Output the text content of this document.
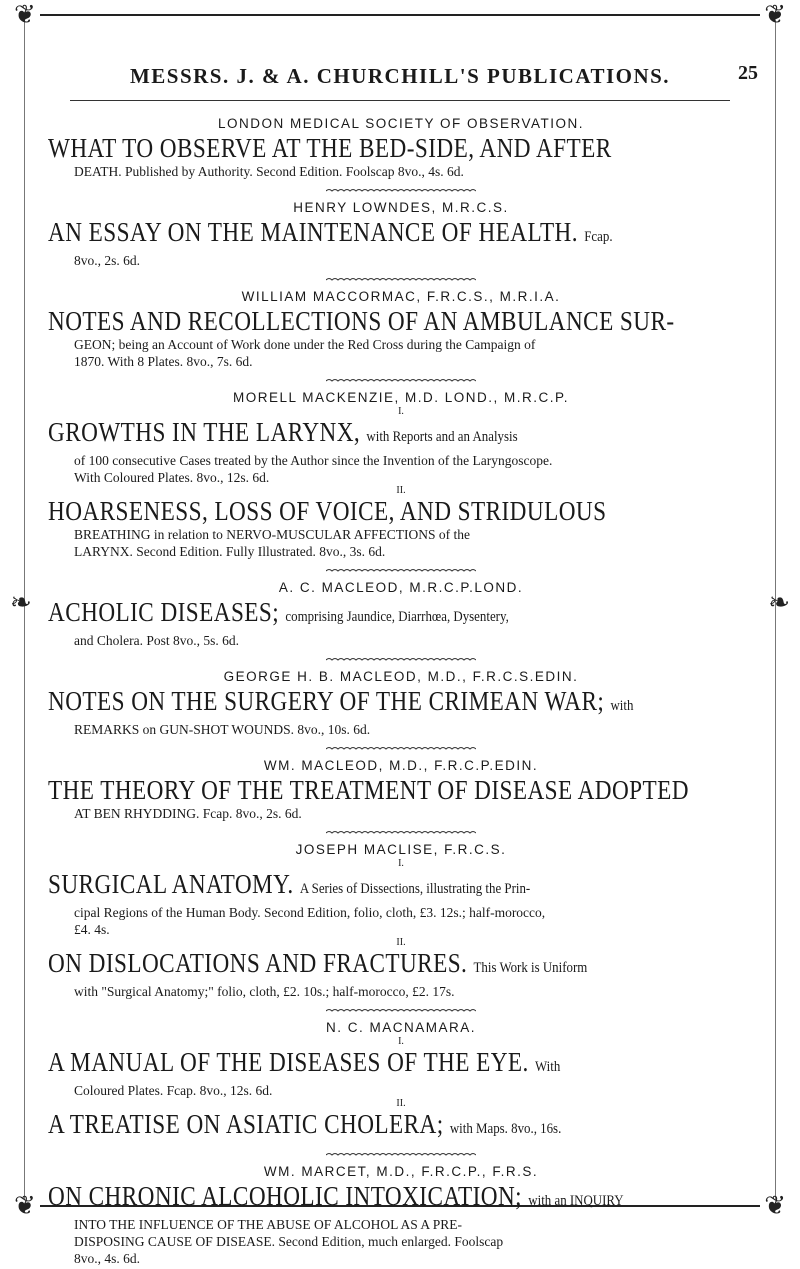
❦	❦
❦	❦
❧	❧
MESSRS. J. & A. CHURCHILL'S PUBLICATIONS.	25
LONDON MEDICAL SOCIETY OF OBSERVATION.
WHAT TO OBSERVE AT THE BED-SIDE, AND AFTER
DEATH. Published by Authority. Second Edition. Foolscap 8vo., 4s. 6d.
HENRY LOWNDES, M.R.C.S.
AN ESSAY ON THE MAINTENANCE OF HEALTH. Fcap.
8vo., 2s. 6d.
WILLIAM MACCORMAC, F.R.C.S., M.R.I.A.
NOTES AND RECOLLECTIONS OF AN AMBULANCE SUR-
GEON; being an Account of Work done under the Red Cross during the Campaign of
1870. With 8 Plates. 8vo., 7s. 6d.
MORELL MACKENZIE, M.D. LOND., M.R.C.P.
I.
GROWTHS IN THE LARYNX, with Reports and an Analysis
of 100 consecutive Cases treated by the Author since the Invention of the Laryngoscope.
With Coloured Plates. 8vo., 12s. 6d.
II.
HOARSENESS, LOSS OF VOICE, AND STRIDULOUS
BREATHING in relation to NERVO-MUSCULAR AFFECTIONS of the
LARYNX. Second Edition. Fully Illustrated. 8vo., 3s. 6d.
A. C. MACLEOD, M.R.C.P.LOND.
ACHOLIC DISEASES; comprising Jaundice, Diarrhœa, Dysentery,
and Cholera. Post 8vo., 5s. 6d.
GEORGE H. B. MACLEOD, M.D., F.R.C.S.EDIN.
NOTES ON THE SURGERY OF THE CRIMEAN WAR; with
REMARKS on GUN-SHOT WOUNDS. 8vo., 10s. 6d.
WM. MACLEOD, M.D., F.R.C.P.EDIN.
THE THEORY OF THE TREATMENT OF DISEASE ADOPTED
AT BEN RHYDDING. Fcap. 8vo., 2s. 6d.
JOSEPH MACLISE, F.R.C.S.
I.
SURGICAL ANATOMY. A Series of Dissections, illustrating the Prin-
cipal Regions of the Human Body. Second Edition, folio, cloth, £3. 12s.; half-morocco,
£4. 4s.
II.
ON DISLOCATIONS AND FRACTURES. This Work is Uniform
with "Surgical Anatomy;" folio, cloth, £2. 10s.; half-morocco, £2. 17s.
N. C. MACNAMARA.
I.
A MANUAL OF THE DISEASES OF THE EYE. With
Coloured Plates. Fcap. 8vo., 12s. 6d.
II.
A TREATISE ON ASIATIC CHOLERA; with Maps. 8vo., 16s.
WM. MARCET, M.D., F.R.C.P., F.R.S.
ON CHRONIC ALCOHOLIC INTOXICATION; with an INQUIRY
INTO THE INFLUENCE OF THE ABUSE OF ALCOHOL AS A PRE-
DISPOSING CAUSE OF DISEASE. Second Edition, much enlarged. Foolscap
8vo., 4s. 6d.
